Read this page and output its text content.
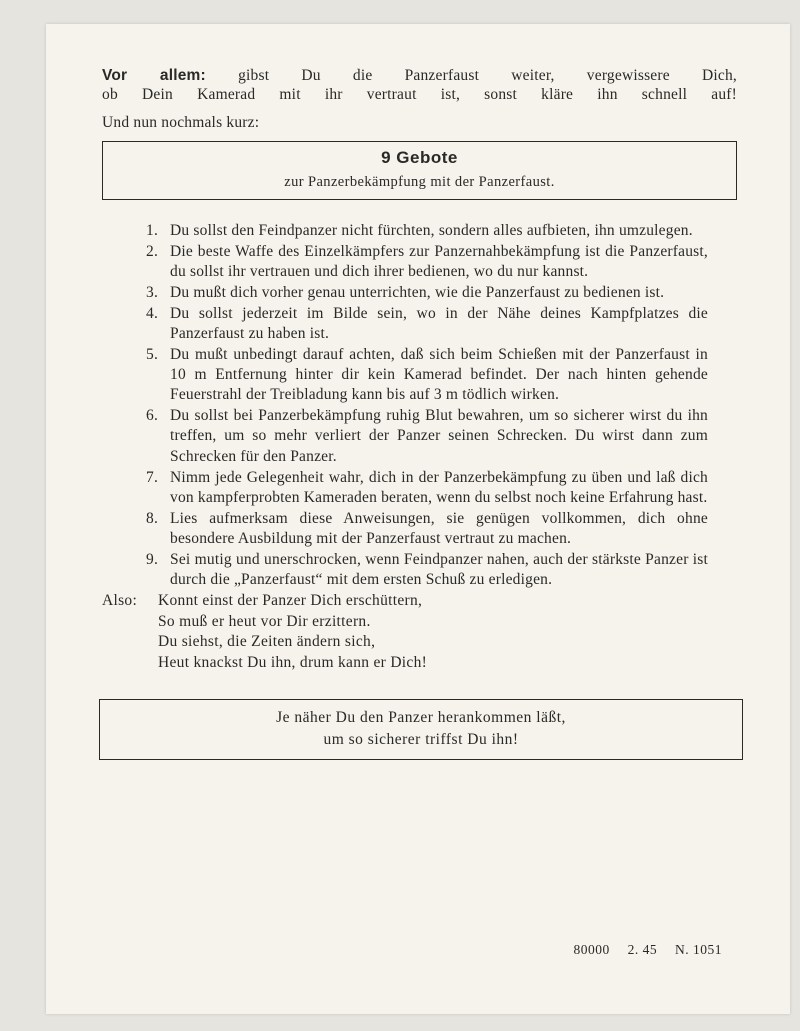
Vor allem: gibst Du die Panzerfaust weiter, vergewissere Dich,
ob Dein Kamerad mit ihr vertraut ist, sonst kläre ihn schnell auf!
Und nun nochmals kurz:
9 Gebote
zur Panzerbekämpfung mit der Panzerfaust.
1. Du sollst den Feindpanzer nicht fürchten, sondern alles aufbieten, ihn umzulegen.
2. Die beste Waffe des Einzelkämpfers zur Panzernahbekämpfung ist die Panzerfaust, du sollst ihr vertrauen und dich ihrer bedienen, wo du nur kannst.
3. Du mußt dich vorher genau unterrichten, wie die Panzerfaust zu bedienen ist.
4. Du sollst jederzeit im Bilde sein, wo in der Nähe deines Kampfplatzes die Panzerfaust zu haben ist.
5. Du mußt unbedingt darauf achten, daß sich beim Schießen mit der Panzerfaust in 10 m Entfernung hinter dir kein Kamerad befindet. Der nach hinten gehende Feuerstrahl der Treibladung kann bis auf 3 m tödlich wirken.
6. Du sollst bei Panzerbekämpfung ruhig Blut bewahren, um so sicherer wirst du ihn treffen, um so mehr verliert der Panzer seinen Schrecken. Du wirst dann zum Schrecken für den Panzer.
7. Nimm jede Gelegenheit wahr, dich in der Panzerbekämpfung zu üben und laß dich von kampferprobten Kameraden beraten, wenn du selbst noch keine Erfahrung hast.
8. Lies aufmerksam diese Anweisungen, sie genügen vollkommen, dich ohne besondere Ausbildung mit der Panzerfaust vertraut zu machen.
9. Sei mutig und unerschrocken, wenn Feindpanzer nahen, auch der stärkste Panzer ist durch die „Panzerfaust“ mit dem ersten Schuß zu erledigen.
Also:	Konnt einst der Panzer Dich erschüttern,
So muß er heut vor Dir erzittern.
Du siehst, die Zeiten ändern sich,
Heut knackst Du ihn, drum kann er Dich!
Je näher Du den Panzer herankommen läßt,
um so sicherer triffst Du ihn!
80000 2. 45 N. 1051
